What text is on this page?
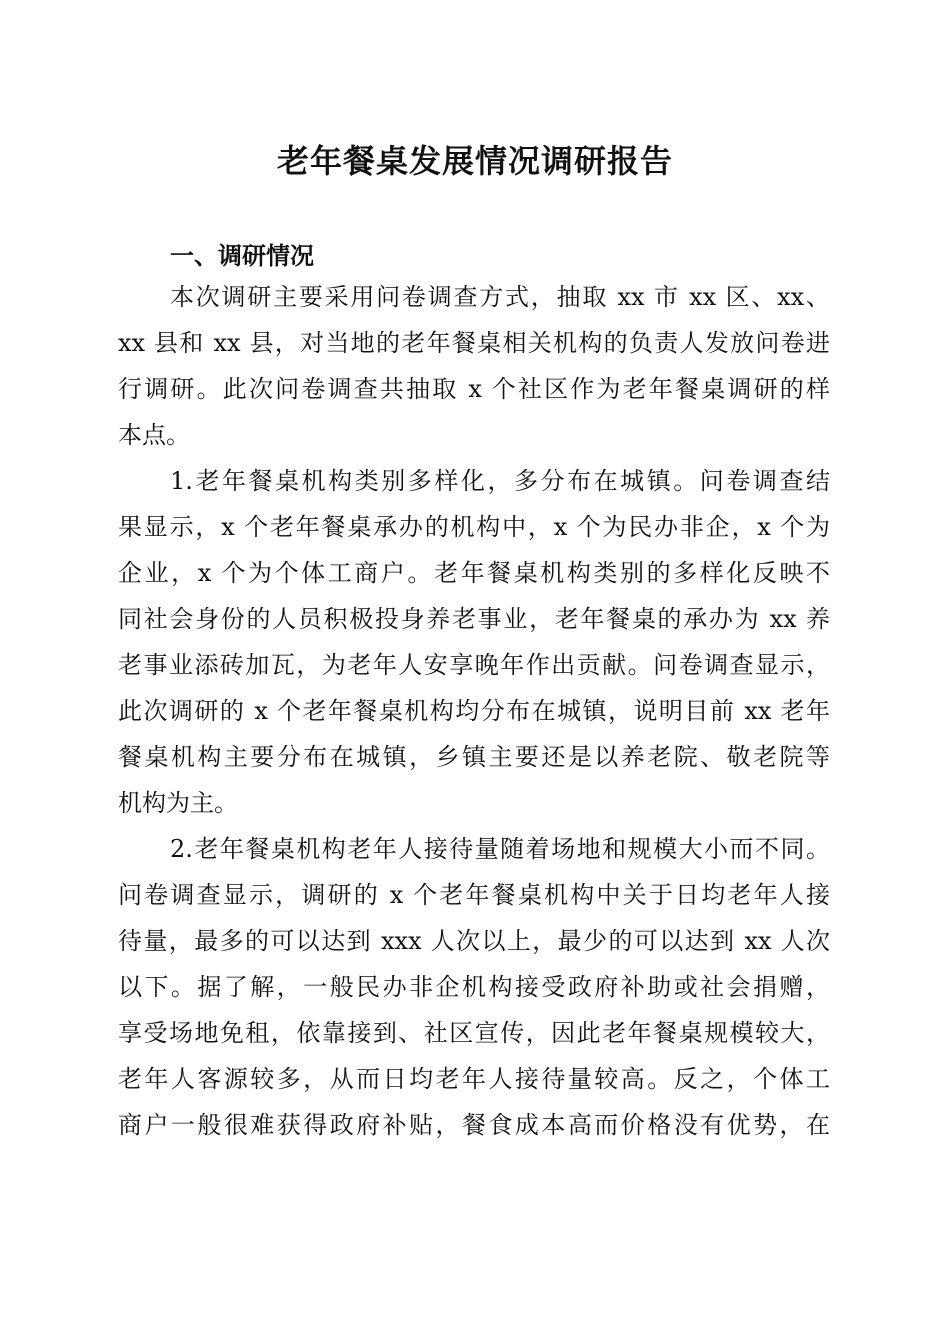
老年餐桌发展情况调研报告
一、调研情况
本次调研主要采用问卷调查方式，抽取 xx 市 xx 区、xx、
xx 县和 xx 县，对当地的老年餐桌相关机构的负责人发放问卷进
行调研。此次问卷调查共抽取 x 个社区作为老年餐桌调研的样
本点。
1.老年餐桌机构类别多样化，多分布在城镇。问卷调查结
果显示，x 个老年餐桌承办的机构中，x 个为民办非企，x 个为
企业，x 个为个体工商户。老年餐桌机构类别的多样化反映不
同社会身份的人员积极投身养老事业，老年餐桌的承办为 xx 养
老事业添砖加瓦，为老年人安享晚年作出贡献。问卷调查显示，
此次调研的 x 个老年餐桌机构均分布在城镇，说明目前 xx 老年
餐桌机构主要分布在城镇，乡镇主要还是以养老院、敬老院等
机构为主。
2.老年餐桌机构老年人接待量随着场地和规模大小而不同。
问卷调查显示，调研的 x 个老年餐桌机构中关于日均老年人接
待量，最多的可以达到 xxx 人次以上，最少的可以达到 xx 人次
以下。据了解，一般民办非企机构接受政府补助或社会捐赠，
享受场地免租，依靠接到、社区宣传，因此老年餐桌规模较大，
老年人客源较多，从而日均老年人接待量较高。反之，个体工
商户一般很难获得政府补贴，餐食成本高而价格没有优势，在
